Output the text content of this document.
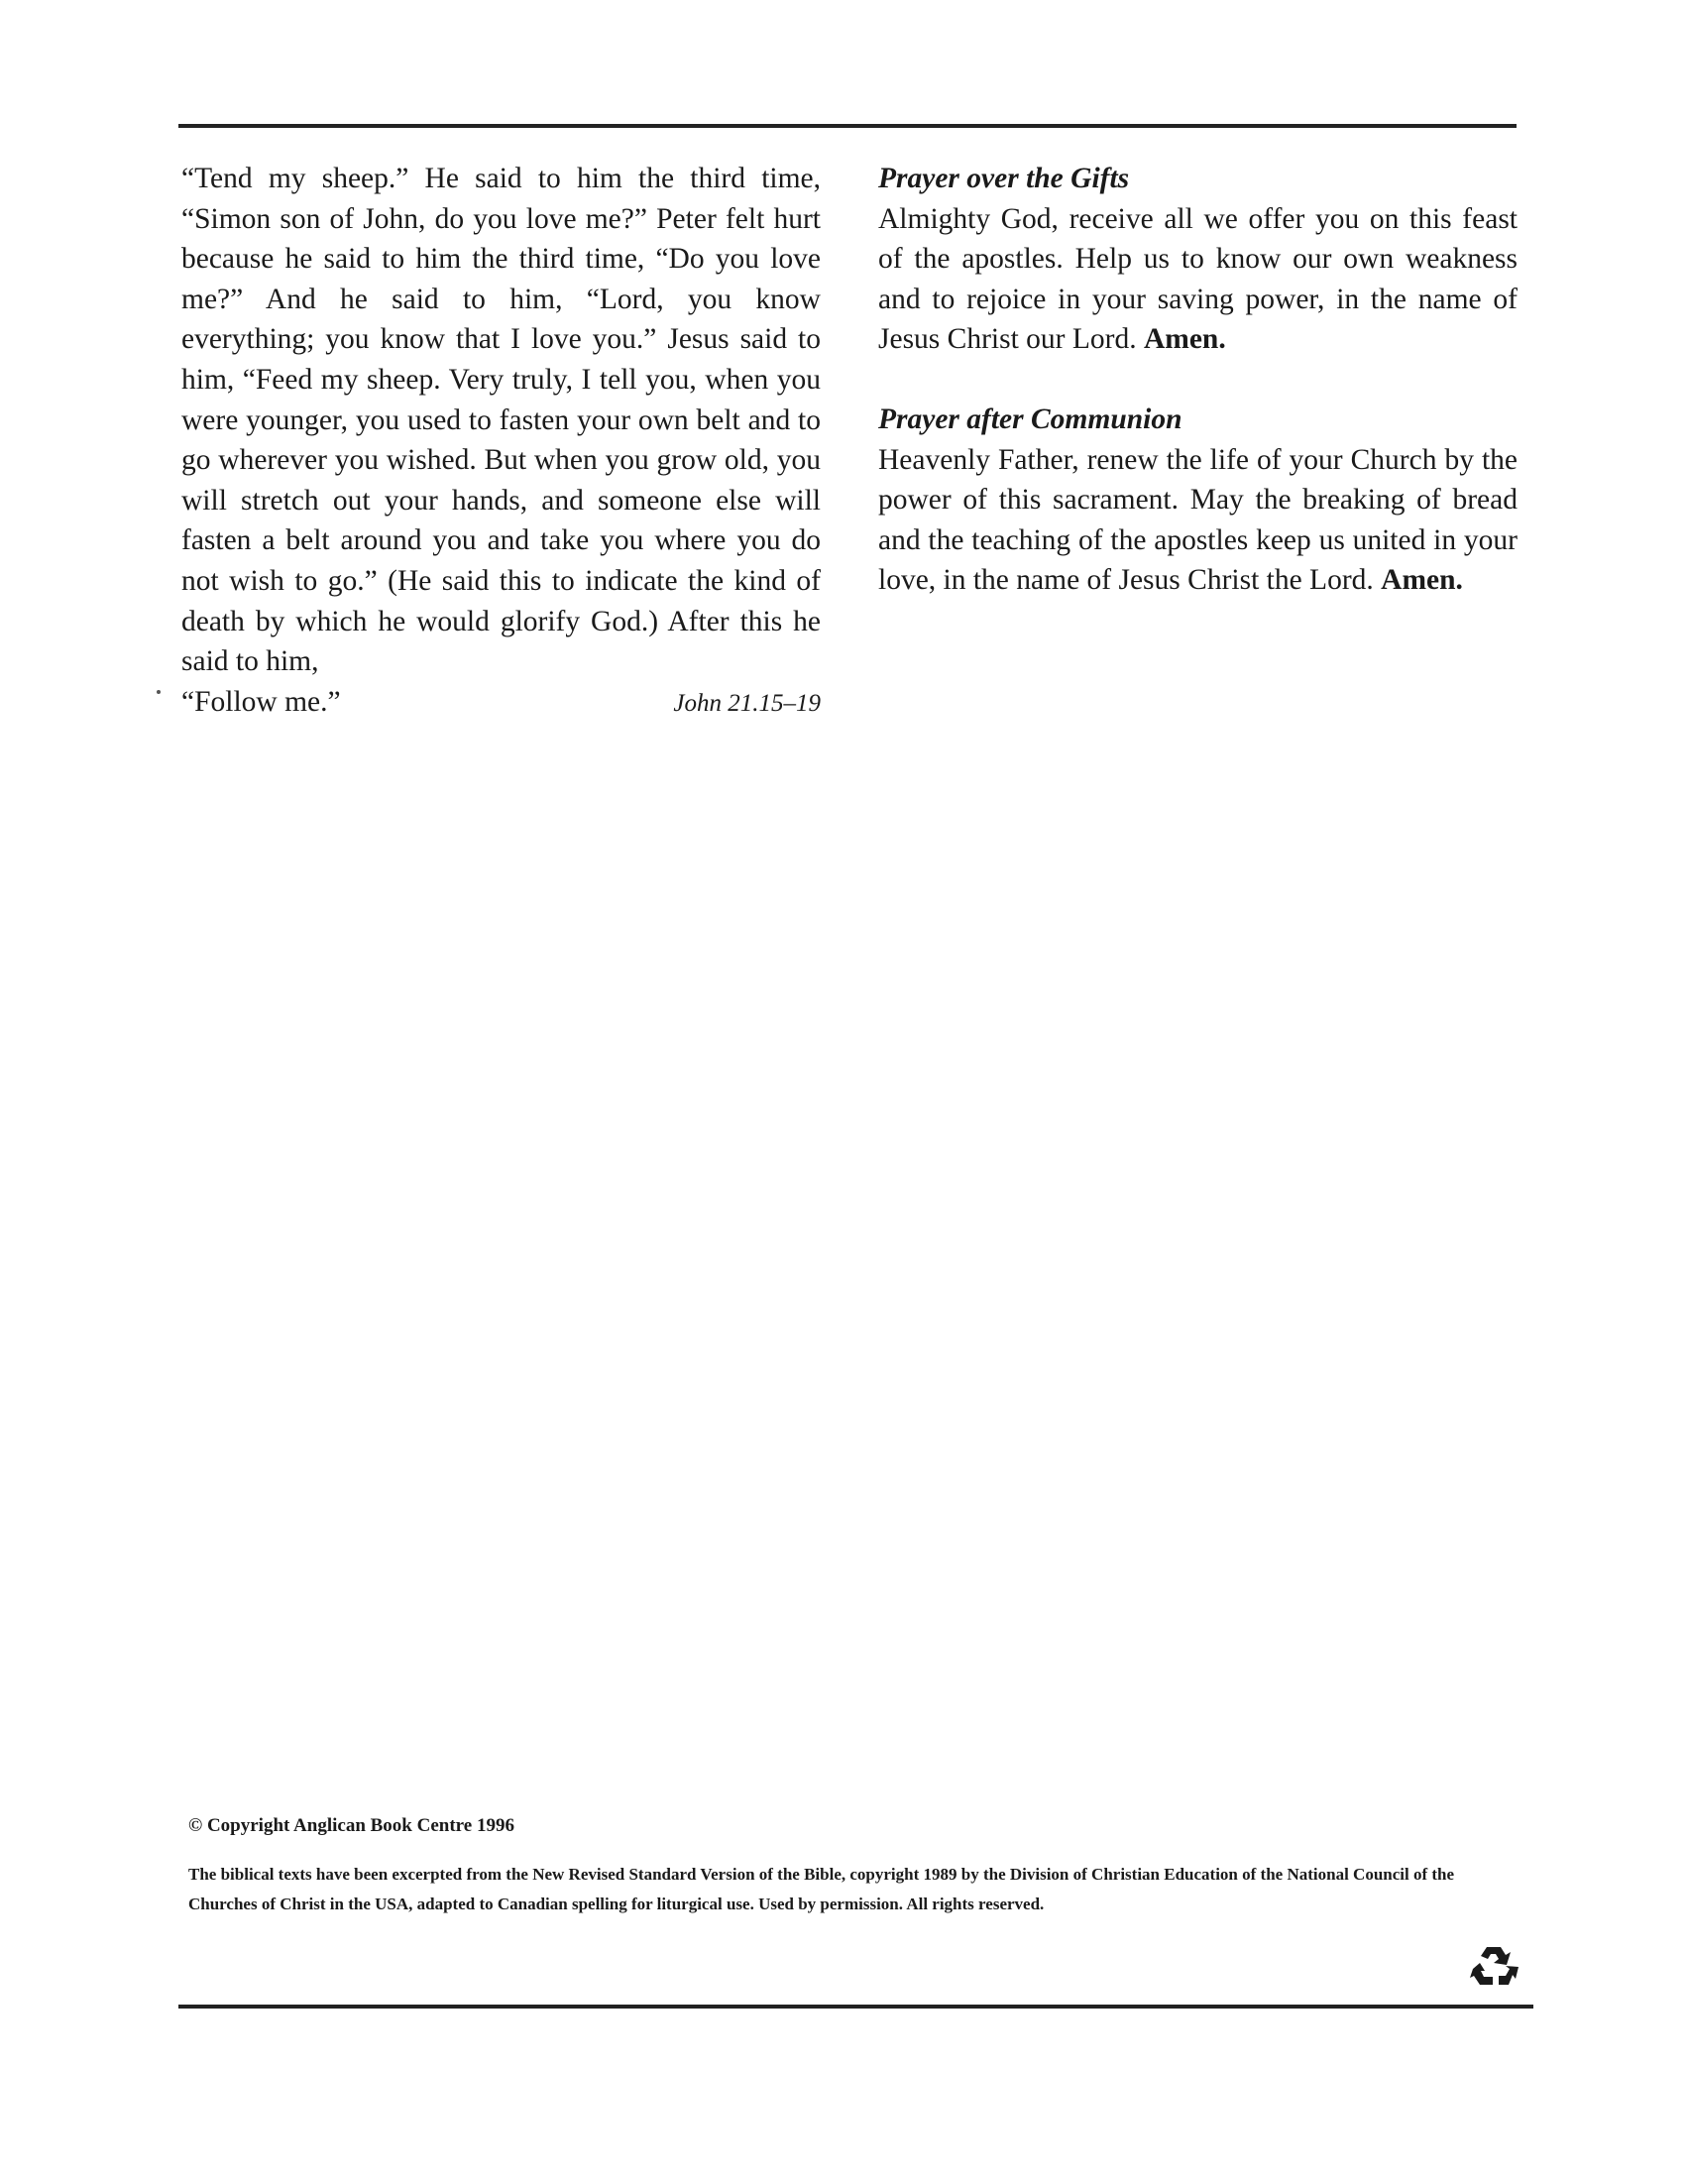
“Tend my sheep.” He said to him the third time, “Simon son of John, do you love me?” Peter felt hurt because he said to him the third time, “Do you love me?” And he said to him, “Lord, you know everything; you know that I love you.” Jesus said to him, “Feed my sheep. Very truly, I tell you, when you were younger, you used to fasten your own belt and to go wherever you wished. But when you grow old, you will stretch out your hands, and someone else will fasten a belt around you and take you where you do not wish to go.” (He said this to indicate the kind of death by which he would glorify God.) After this he said to him,

“Follow me.”	John 21.15–19

Prayer over the Gifts

Almighty God, receive all we offer you on this feast of the apostles. Help us to know our own weakness and to rejoice in your saving power, in the name of Jesus Christ our Lord. Amen.

Prayer after Communion

Heavenly Father, renew the life of your Church by the power of this sacrament. May the breaking of bread and the teaching of the apostles keep us united in your love, in the name of Jesus Christ the Lord. Amen.

© Copyright Anglican Book Centre 1996
The biblical texts have been excerpted from the New Revised Standard Version of the Bible, copyright 1989 by the Division of Christian Education of the National Council of the Churches of Christ in the USA, adapted to Canadian spelling for liturgical use. Used by permission. All rights reserved.
